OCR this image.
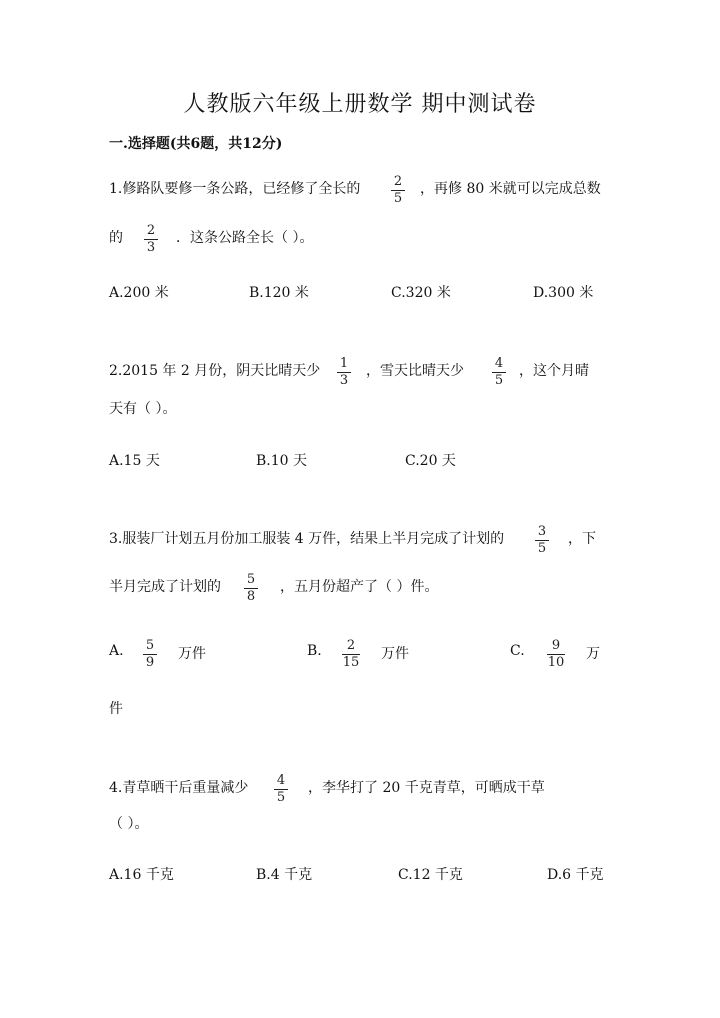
人教版六年级上册数学 期中测试卷
一.选择题(共6题，共12分)
1.修路队要修一条公路，已经修了全长的	2
5
，再修 80 米就可以完成总数
的 2
3
．这条公路全长（ ）。
A.200 米	B.120 米	C.320 米	D.300 米
2.2015 年 2 月份，阴天比晴天少 1
3
，雪天比晴天少 4
5
，这个月晴
天有（ ）。
A.15 天	B.10 天	C.20 天
3.服装厂计划五月份加工服装 4 万件，结果上半月完成了计划的	3
5
，下
半月完成了计划的 5
8
，五月份超产了（ ）件。
A. 5
9
万件	B. 2
15
万件	C. 9
10
万
件
4.青草晒干后重量减少 4
5
，李华打了 20 千克青草，可晒成干草
（ ）。
A.16 千克	B.4 千克	C.12 千克	D.6 千克
